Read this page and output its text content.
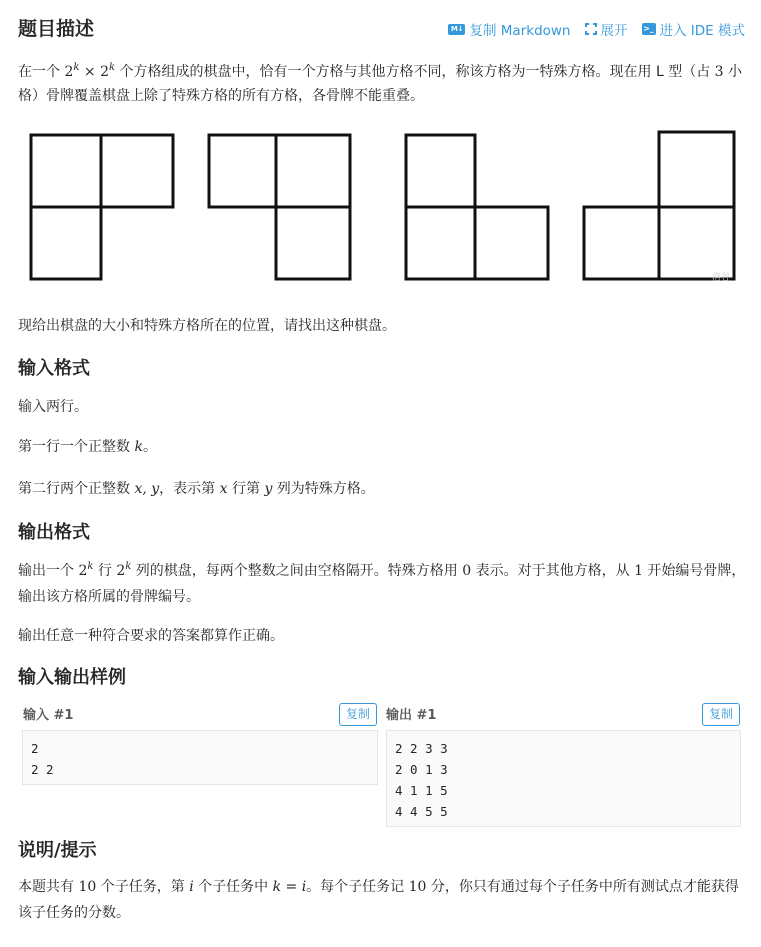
题目描述	M↓ 复制 Markdown 展开 >_ 进入 IDE 模式
在一个 $2^k \times 2^k$ 个方格组成的棋盘中，恰有一个方格与其他方格不同，称该方格为一特殊方格。现在用 L 型（占 3 小格）骨牌覆盖棋盘上除了特殊方格的所有方格，各骨牌不能重叠。
洛谷
现给出棋盘的大小和特殊方格所在的位置，请找出这种棋盘。
输入格式
输入两行。
第一行一个正整数 k。
第二行两个正整数 x, y，表示第 x 行第 y 列为特殊方格。
输出格式
输出一个 2$^k$ 行 2$^k$ 列的棋盘，每两个整数之间由空格隔开。特殊方格用 0 表示。对于其他方格，从 1 开始编号骨牌，输出该方格所属的骨牌编号。
输出任意一种符合要求的答案都算作正确。
输入输出样例
输入 #1	复制
2
2 2
输出 #1	复制
2 2 3 3
2 0 1 3
4 1 1 5
4 4 5 5
说明/提示
本题共有 10 个子任务，第 i 个子任务中 k = i。每个子任务记 10 分，你只有通过每个子任务中所有测试点才能获得该子任务的分数。
